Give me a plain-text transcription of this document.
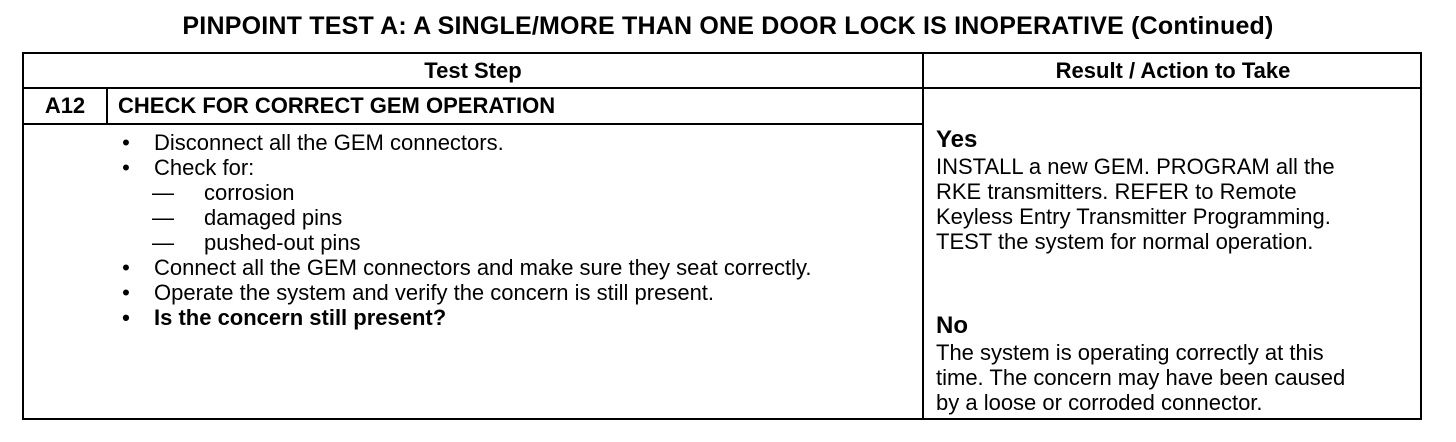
PINPOINT TEST A: A SINGLE/MORE THAN ONE DOOR LOCK IS INOPERATIVE (Continued)
Test Step	Result / Action to Take
A12	CHECK FOR CORRECT GEM OPERATION
• Disconnect all the GEM connectors.
• Check for:
— corrosion
— damaged pins
— pushed-out pins
• Connect all the GEM connectors and make sure they seat correctly.
• Operate the system and verify the concern is still present.
• Is the concern still present?
Yes
INSTALL a new GEM. PROGRAM all the
RKE transmitters. REFER to Remote
Keyless Entry Transmitter Programming.
TEST the system for normal operation.
No
The system is operating correctly at this
time. The concern may have been caused
by a loose or corroded connector.
